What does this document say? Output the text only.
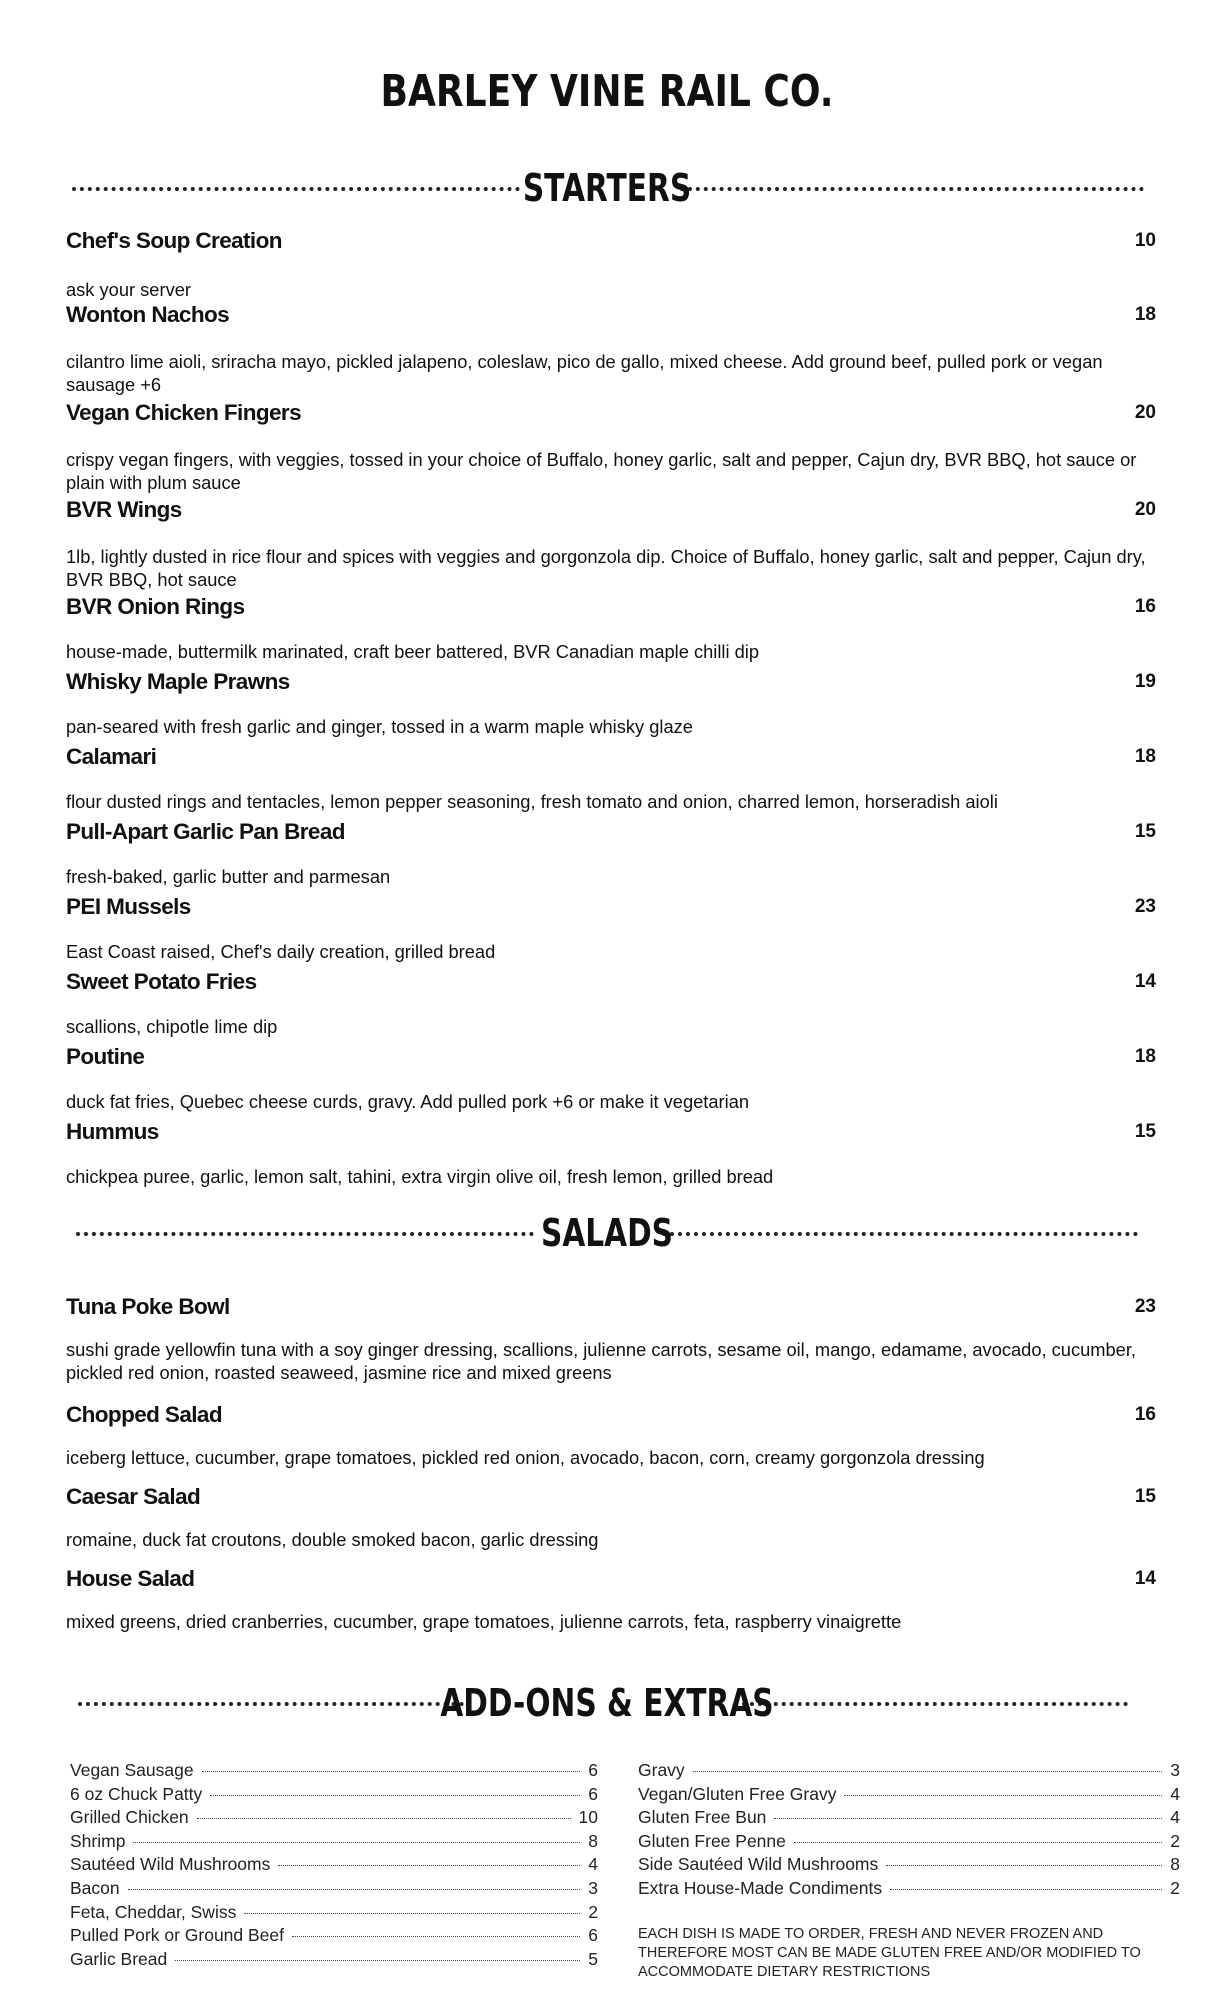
BARLEY VINE RAIL CO.
STARTERS
Chef's Soup Creation	10
ask your server
Wonton Nachos	18
cilantro lime aioli, sriracha mayo, pickled jalapeno, coleslaw, pico de gallo, mixed cheese. Add ground beef, pulled pork or vegan sausage +6
Vegan Chicken Fingers	20
crispy vegan fingers, with veggies, tossed in your choice of Buffalo, honey garlic, salt and pepper, Cajun dry, BVR BBQ, hot sauce or plain with plum sauce
BVR Wings	20
1lb, lightly dusted in rice flour and spices with veggies and gorgonzola dip. Choice of Buffalo, honey garlic, salt and pepper, Cajun dry, BVR BBQ, hot sauce
BVR Onion Rings	16
house-made, buttermilk marinated, craft beer battered, BVR Canadian maple chilli dip
Whisky Maple Prawns	19
pan-seared with fresh garlic and ginger, tossed in a warm maple whisky glaze
Calamari	18
flour dusted rings and tentacles, lemon pepper seasoning, fresh tomato and onion, charred lemon, horseradish aioli
Pull-Apart Garlic Pan Bread	15
fresh-baked, garlic butter and parmesan
PEI Mussels	23
East Coast raised, Chef's daily creation, grilled bread
Sweet Potato Fries	14
scallions, chipotle lime dip
Poutine	18
duck fat fries, Quebec cheese curds, gravy. Add pulled pork +6 or make it vegetarian
Hummus	15
chickpea puree, garlic, lemon salt, tahini, extra virgin olive oil, fresh lemon, grilled bread
SALADS
Tuna Poke Bowl	23
sushi grade yellowfin tuna with a soy ginger dressing, scallions, julienne carrots, sesame oil, mango, edamame, avocado, cucumber, pickled red onion, roasted seaweed, jasmine rice and mixed greens
Chopped Salad	16
iceberg lettuce, cucumber, grape tomatoes, pickled red onion, avocado, bacon, corn, creamy gorgonzola dressing
Caesar Salad	15
romaine, duck fat croutons, double smoked bacon, garlic dressing
House Salad	14
mixed greens, dried cranberries, cucumber, grape tomatoes, julienne carrots, feta, raspberry vinaigrette
ADD-ONS & EXTRAS
Vegan Sausage	6
6 oz Chuck Patty	6
Grilled Chicken	10
Shrimp	8
Sautéed Wild Mushrooms	4
Bacon	3
Feta, Cheddar, Swiss	2
Pulled Pork or Ground Beef	6
Garlic Bread	5
Gravy	3
Vegan/Gluten Free Gravy	4
Gluten Free Bun	4
Gluten Free Penne	2
Side Sautéed Wild Mushrooms	8
Extra House-Made Condiments	2
EACH DISH IS MADE TO ORDER, FRESH AND NEVER FROZEN AND THEREFORE MOST CAN BE MADE GLUTEN FREE AND/OR MODIFIED TO ACCOMMODATE DIETARY RESTRICTIONS
